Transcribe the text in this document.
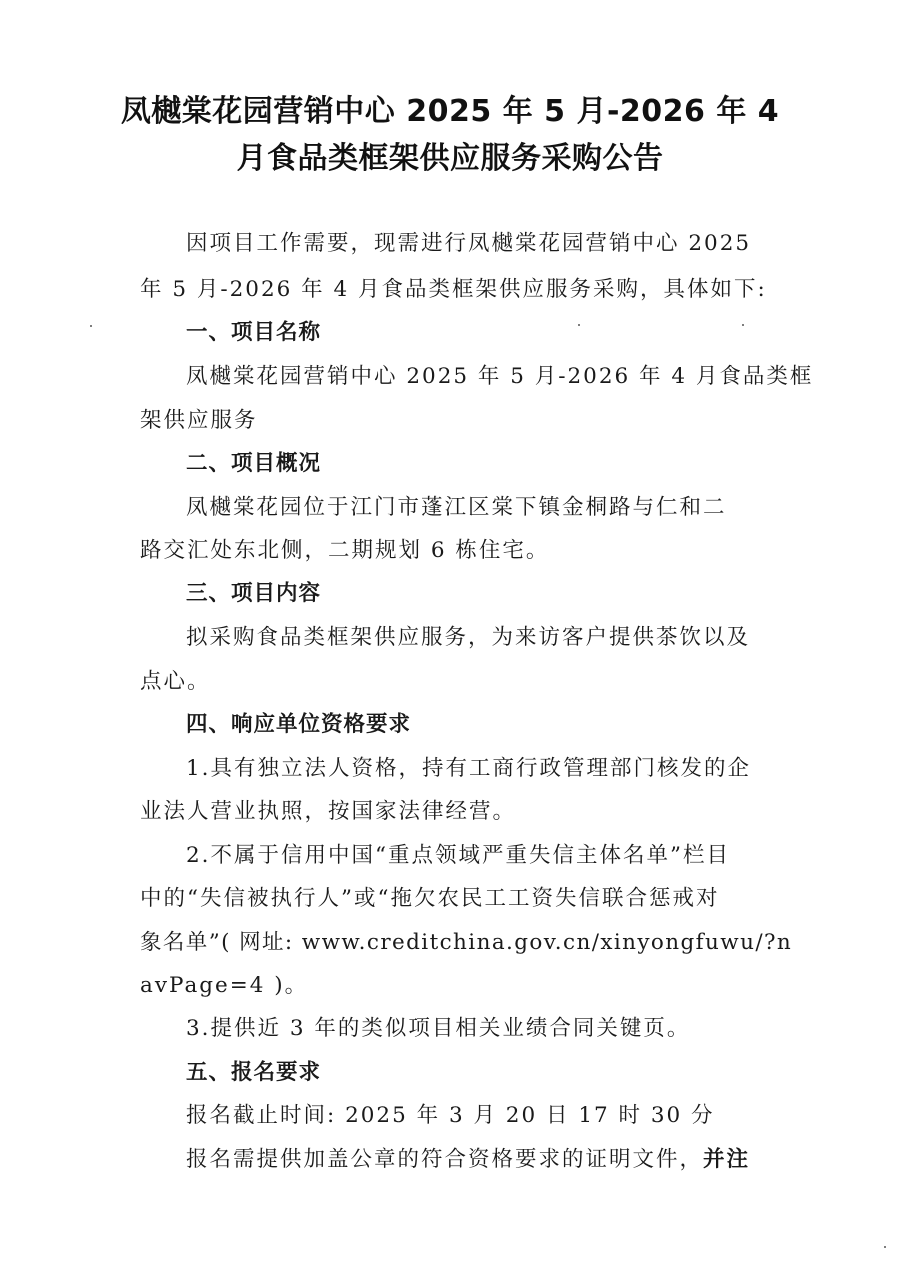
凤樾棠花园营销中心 2025 年 5 月-2026 年 4
月食品类框架供应服务采购公告
因项目工作需要，现需进行凤樾棠花园营销中心 2025
年 5 月-2026 年 4 月食品类框架供应服务采购，具体如下:
一、项目名称
凤樾棠花园营销中心 2025 年 5 月-2026 年 4 月食品类框
架供应服务
二、项目概况
凤樾棠花园位于江门市蓬江区棠下镇金桐路与仁和二
路交汇处东北侧，二期规划 6 栋住宅。
三、项目内容
拟采购食品类框架供应服务，为来访客户提供茶饮以及
点心。
四、响应单位资格要求
1.具有独立法人资格，持有工商行政管理部门核发的企
业法人营业执照，按国家法律经营。
2.不属于信用中国“重点领域严重失信主体名单”栏目
中的“失信被执行人”或“拖欠农民工工资失信联合惩戒对
象名单”( 网址: www.creditchina.gov.cn/xinyongfuwu/?n
avPage=4 )。
3.提供近 3 年的类似项目相关业绩合同关键页。
五、报名要求
报名截止时间: 2025 年 3 月 20 日 17 时 30 分
报名需提供加盖公章的符合资格要求的证明文件，并注
